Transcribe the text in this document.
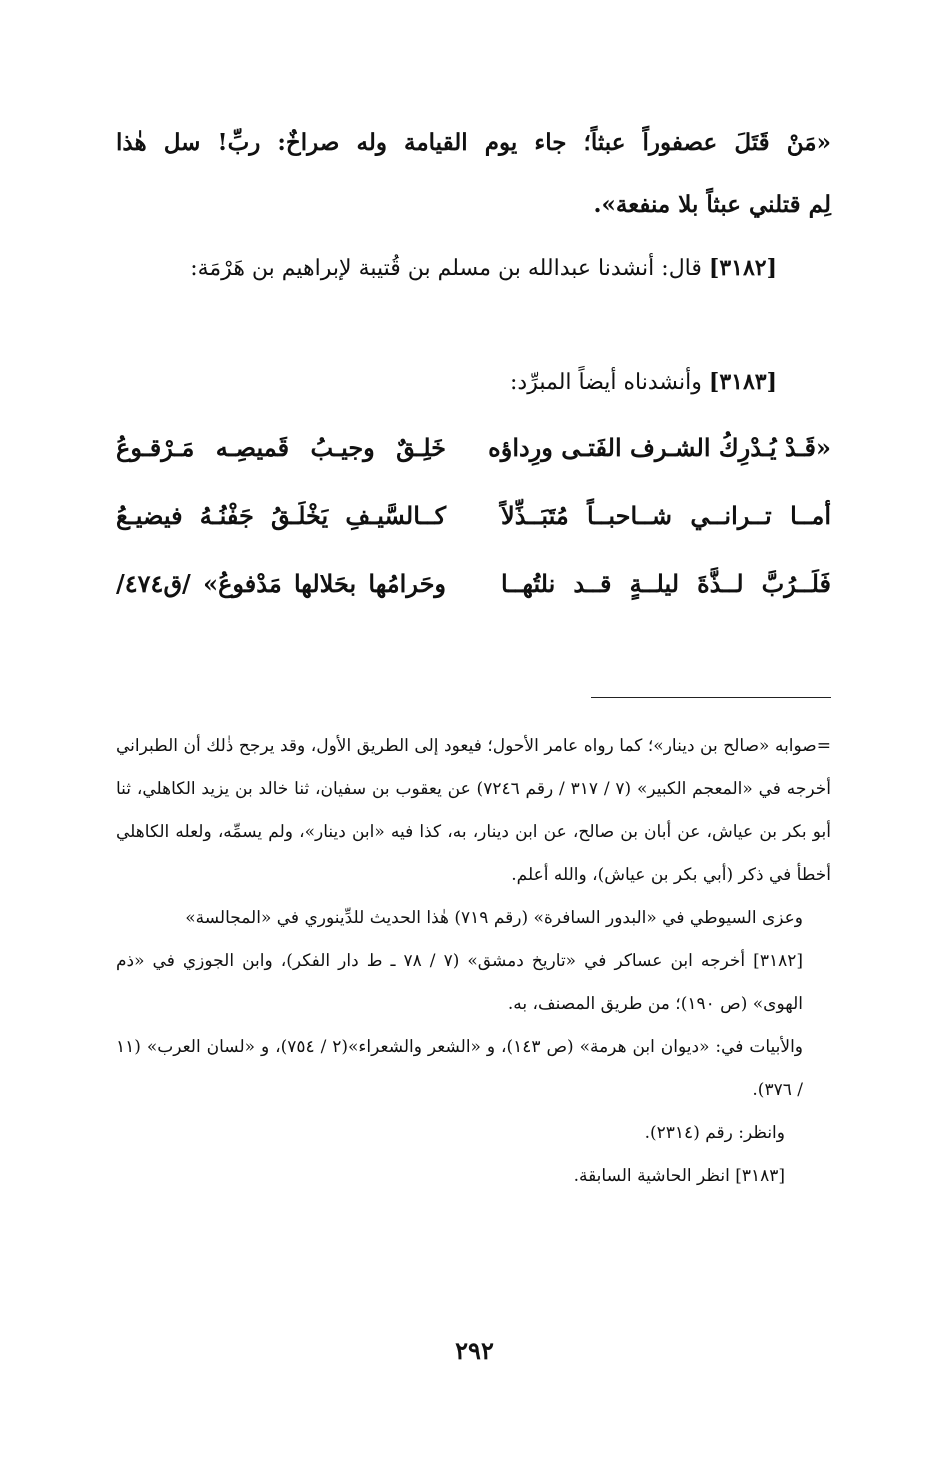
«مَنْ قَتَلَ عصفوراً عبثاً؛ جاء يوم القيامة وله صراخٌ: ربِّ! سل هٰذا
لِم قتلني عبثاً بلا منفعة».
[٣١٨٢] قال: أنشدنا عبدالله بن مسلم بن قُتيبة لإبراهيم بن هَرْمَة:
[٣١٨٣] وأنشدناه أيضاً المبرِّد:
«قَـدْ يُـدْرِكُ الشـرف الفَتـى ورِداؤه
خَلِـقٌ وجيـبُ قَميصِـه مَـرْقـوعُ
أمــا تــرانــي شــاحبــاً مُتَبَــذِّلاً
كــالسَّيـفِ يَخْلَـقُ جَفْنُـهُ فيضيـعُ
فَلَــرُبَّ لــذَّةَ ليلــةٍ قــد نلتُهــا
وحَرامُها بحَلالها مَدْفوعُ» /ق٤٧٤/

=صوابه «صالح بن دينار»؛ كما رواه عامر الأحول؛ فيعود إلى الطريق الأول، وقد يرجح ذٰلك أن الطبراني أخرجه في «المعجم الكبير» (٧ / ٣١٧ / رقم ٧٢٤٦) عن يعقوب بن سفيان، ثنا خالد بن يزيد الكاهلي، ثنا أبو بكر بن عياش، عن أبان بن صالح، عن ابن دينار، به، كذا فيه «ابن دينار»، ولم يسمِّه، ولعله الكاهلي أخطأ في ذكر (أبي بكر بن عياش)، والله أعلم.

وعزى السيوطي في «البدور السافرة» (رقم ٧١٩) هٰذا الحديث للدِّينوري في «المجالسة»

[٣١٨٢] أخرجه ابن عساكر في «تاريخ دمشق» (٧ / ٧٨ ـ ط دار الفكر)، وابن الجوزي في «ذم الهوى» (ص ١٩٠)؛ من طريق المصنف، به.

والأبيات في: «ديوان ابن هرمة» (ص ١٤٣)، و «الشعر والشعراء»(٢ / ٧٥٤)، و «لسان العرب» (١١ / ٣٧٦).

وانظر: رقم (٢٣١٤).

[٣١٨٣] انظر الحاشية السابقة.

٢٩٢
